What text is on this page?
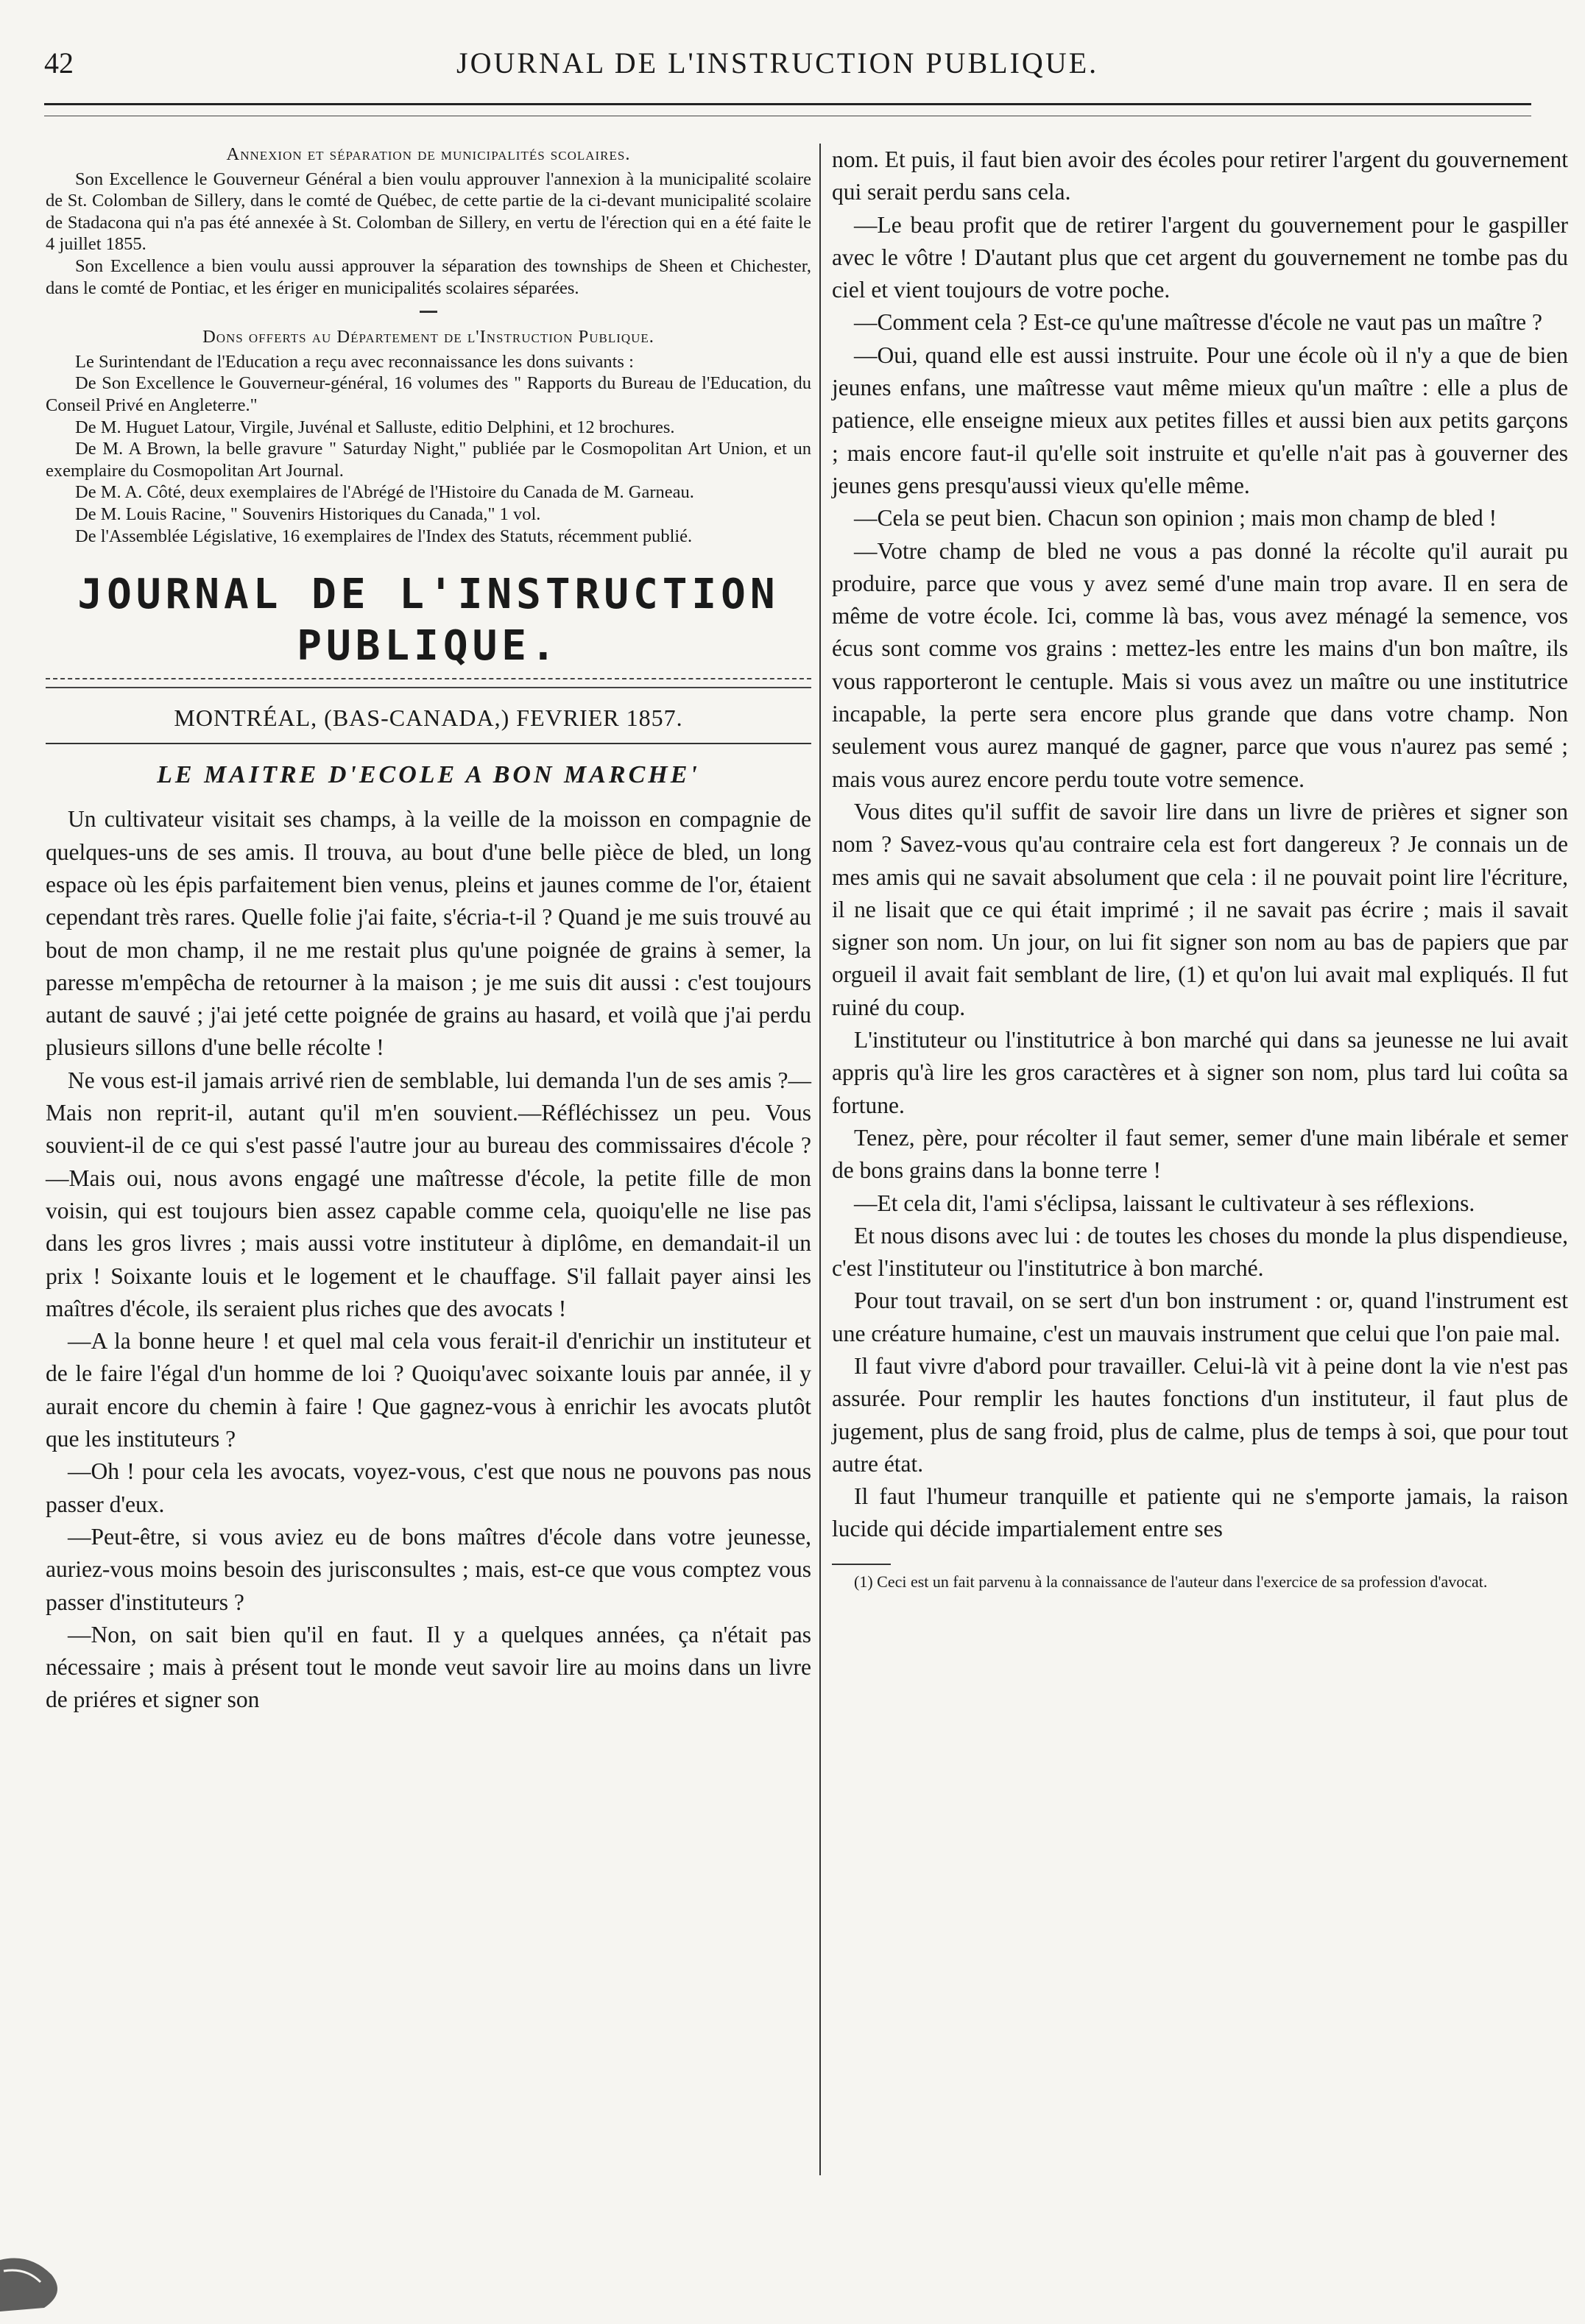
42	JOURNAL DE L'INSTRUCTION PUBLIQUE.
Annexion et séparation de municipalités scolaires.

Son Excellence le Gouverneur Général a bien voulu approuver l'annexion à la municipalité scolaire de St. Colomban de Sillery, dans le comté de Québec, de cette partie de la ci-devant municipalité scolaire de Stadacona qui n'a pas été annexée à St. Colomban de Sillery, en vertu de l'érection qui en a été faite le 4 juillet 1855.

Son Excellence a bien voulu aussi approuver la séparation des townships de Sheen et Chichester, dans le comté de Pontiac, et les ériger en municipalités scolaires séparées.

Dons offerts au Département de l'Instruction Publique.

Le Surintendant de l'Education a reçu avec reconnaissance les dons suivants :

De Son Excellence le Gouverneur-général, 16 volumes des " Rapports du Bureau de l'Education, du Conseil Privé en Angleterre."

De M. Huguet Latour, Virgile, Juvénal et Salluste, editio Delphini, et 12 brochures.

De M. A Brown, la belle gravure " Saturday Night," publiée par le Cosmopolitan Art Union, et un exemplaire du Cosmopolitan Art Journal.

De M. A. Côté, deux exemplaires de l'Abrégé de l'Histoire du Canada de M. Garneau.

De M. Louis Racine, " Souvenirs Historiques du Canada," 1 vol.

De l'Assemblée Législative, 16 exemplaires de l'Index des Statuts, récemment publié.

JOURNAL DE L'INSTRUCTION PUBLIQUE.
MONTRÉAL, (BAS-CANADA,) FEVRIER 1857.
LE MAITRE D'ECOLE A BON MARCHE'

Un cultivateur visitait ses champs, à la veille de la moisson en compagnie de quelques-uns de ses amis. Il trouva, au bout d'une belle pièce de bled, un long espace où les épis parfaitement bien venus, pleins et jaunes comme de l'or, étaient cependant très rares. Quelle folie j'ai faite, s'écria-t-il ? Quand je me suis trouvé au bout de mon champ, il ne me restait plus qu'une poignée de grains à semer, la paresse m'empêcha de retourner à la maison ; je me suis dit aussi : c'est toujours autant de sauvé ; j'ai jeté cette poignée de grains au hasard, et voilà que j'ai perdu plusieurs sillons d'une belle récolte !

Ne vous est-il jamais arrivé rien de semblable, lui demanda l'un de ses amis ?—Mais non reprit-il, autant qu'il m'en souvient.—Réfléchissez un peu. Vous souvient-il de ce qui s'est passé l'autre jour au bureau des commissaires d'école ?—Mais oui, nous avons engagé une maîtresse d'école, la petite fille de mon voisin, qui est toujours bien assez capable comme cela, quoiqu'elle ne lise pas dans les gros livres ; mais aussi votre instituteur à diplôme, en demandait-il un prix ! Soixante louis et le logement et le chauffage. S'il fallait payer ainsi les maîtres d'école, ils seraient plus riches que des avocats !

—A la bonne heure ! et quel mal cela vous ferait-il d'enrichir un instituteur et de le faire l'égal d'un homme de loi ? Quoiqu'avec soixante louis par année, il y aurait encore du chemin à faire ! Que gagnez-vous à enrichir les avocats plutôt que les instituteurs ?

—Oh ! pour cela les avocats, voyez-vous, c'est que nous ne pouvons pas nous passer d'eux.

—Peut-être, si vous aviez eu de bons maîtres d'école dans votre jeunesse, auriez-vous moins besoin des jurisconsultes ; mais, est-ce que vous comptez vous passer d'instituteurs ?

—Non, on sait bien qu'il en faut. Il y a quelques années, ça n'était pas nécessaire ; mais à présent tout le monde veut savoir lire au moins dans un livre de priéres et signer son

nom. Et puis, il faut bien avoir des écoles pour retirer l'argent du gouvernement qui serait perdu sans cela.

—Le beau profit que de retirer l'argent du gouvernement pour le gaspiller avec le vôtre ! D'autant plus que cet argent du gouvernement ne tombe pas du ciel et vient toujours de votre poche.

—Comment cela ? Est-ce qu'une maîtresse d'école ne vaut pas un maître ?

—Oui, quand elle est aussi instruite. Pour une école où il n'y a que de bien jeunes enfans, une maîtresse vaut même mieux qu'un maître : elle a plus de patience, elle enseigne mieux aux petites filles et aussi bien aux petits garçons ; mais encore faut-il qu'elle soit instruite et qu'elle n'ait pas à gouverner des jeunes gens presqu'aussi vieux qu'elle même.

—Cela se peut bien. Chacun son opinion ; mais mon champ de bled !

—Votre champ de bled ne vous a pas donné la récolte qu'il aurait pu produire, parce que vous y avez semé d'une main trop avare. Il en sera de même de votre école. Ici, comme là bas, vous avez ménagé la semence, vos écus sont comme vos grains : mettez-les entre les mains d'un bon maître, ils vous rapporteront le centuple. Mais si vous avez un maître ou une institutrice incapable, la perte sera encore plus grande que dans votre champ. Non seulement vous aurez manqué de gagner, parce que vous n'aurez pas semé ; mais vous aurez encore perdu toute votre semence.

Vous dites qu'il suffit de savoir lire dans un livre de prières et signer son nom ? Savez-vous qu'au contraire cela est fort dangereux ? Je connais un de mes amis qui ne savait absolument que cela : il ne pouvait point lire l'écriture, il ne lisait que ce qui était imprimé ; il ne savait pas écrire ; mais il savait signer son nom. Un jour, on lui fit signer son nom au bas de papiers que par orgueil il avait fait semblant de lire, (1) et qu'on lui avait mal expliqués. Il fut ruiné du coup.

L'instituteur ou l'institutrice à bon marché qui dans sa jeunesse ne lui avait appris qu'à lire les gros caractères et à signer son nom, plus tard lui coûta sa fortune.

Tenez, père, pour récolter il faut semer, semer d'une main libérale et semer de bons grains dans la bonne terre !

—Et cela dit, l'ami s'éclipsa, laissant le cultivateur à ses réflexions.

Et nous disons avec lui : de toutes les choses du monde la plus dispendieuse, c'est l'instituteur ou l'institutrice à bon marché.

Pour tout travail, on se sert d'un bon instrument : or, quand l'instrument est une créature humaine, c'est un mauvais instrument que celui que l'on paie mal.

Il faut vivre d'abord pour travailler. Celui-là vit à peine dont la vie n'est pas assurée. Pour remplir les hautes fonctions d'un instituteur, il faut plus de jugement, plus de sang froid, plus de calme, plus de temps à soi, que pour tout autre état.

Il faut l'humeur tranquille et patiente qui ne s'emporte jamais, la raison lucide qui décide impartialement entre ses

(1) Ceci est un fait parvenu à la connaissance de l'auteur dans l'exercice de sa profession d'avocat.
